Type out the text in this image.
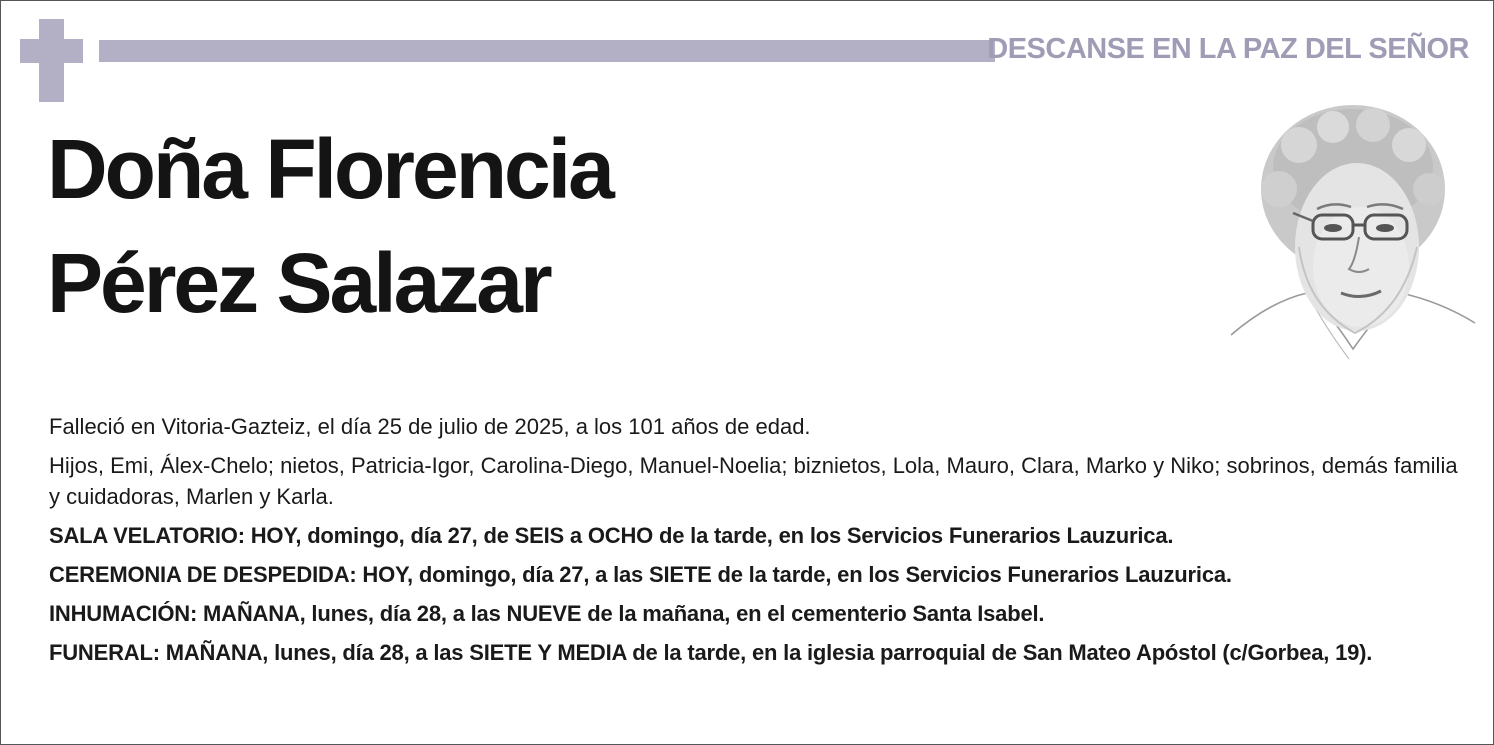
DESCANSE EN LA PAZ DEL SEÑOR
Doña Florencia
Pérez Salazar

Falleció en Vitoria-Gazteiz, el día 25 de julio de 2025, a los 101 años de edad.

Hijos, Emi, Álex-Chelo; nietos, Patricia-Igor, Carolina-Diego, Manuel-Noelia; biznietos, Lola, Mauro, Clara, Marko y Niko; sobrinos, demás familia y cuidadoras, Marlen y Karla.

SALA VELATORIO: HOY, domingo, día 27, de SEIS a OCHO de la tarde, en los Servicios Funerarios Lauzurica.

CEREMONIA DE DESPEDIDA: HOY, domingo, día 27, a las SIETE de la tarde, en los Servicios Funerarios Lauzurica.

INHUMACIÓN: MAÑANA, lunes, día 28, a las NUEVE de la mañana, en el cementerio Santa Isabel.

FUNERAL: MAÑANA, lunes, día 28, a las SIETE Y MEDIA de la tarde, en la iglesia parroquial de San Mateo Apóstol (c/Gorbea, 19).
